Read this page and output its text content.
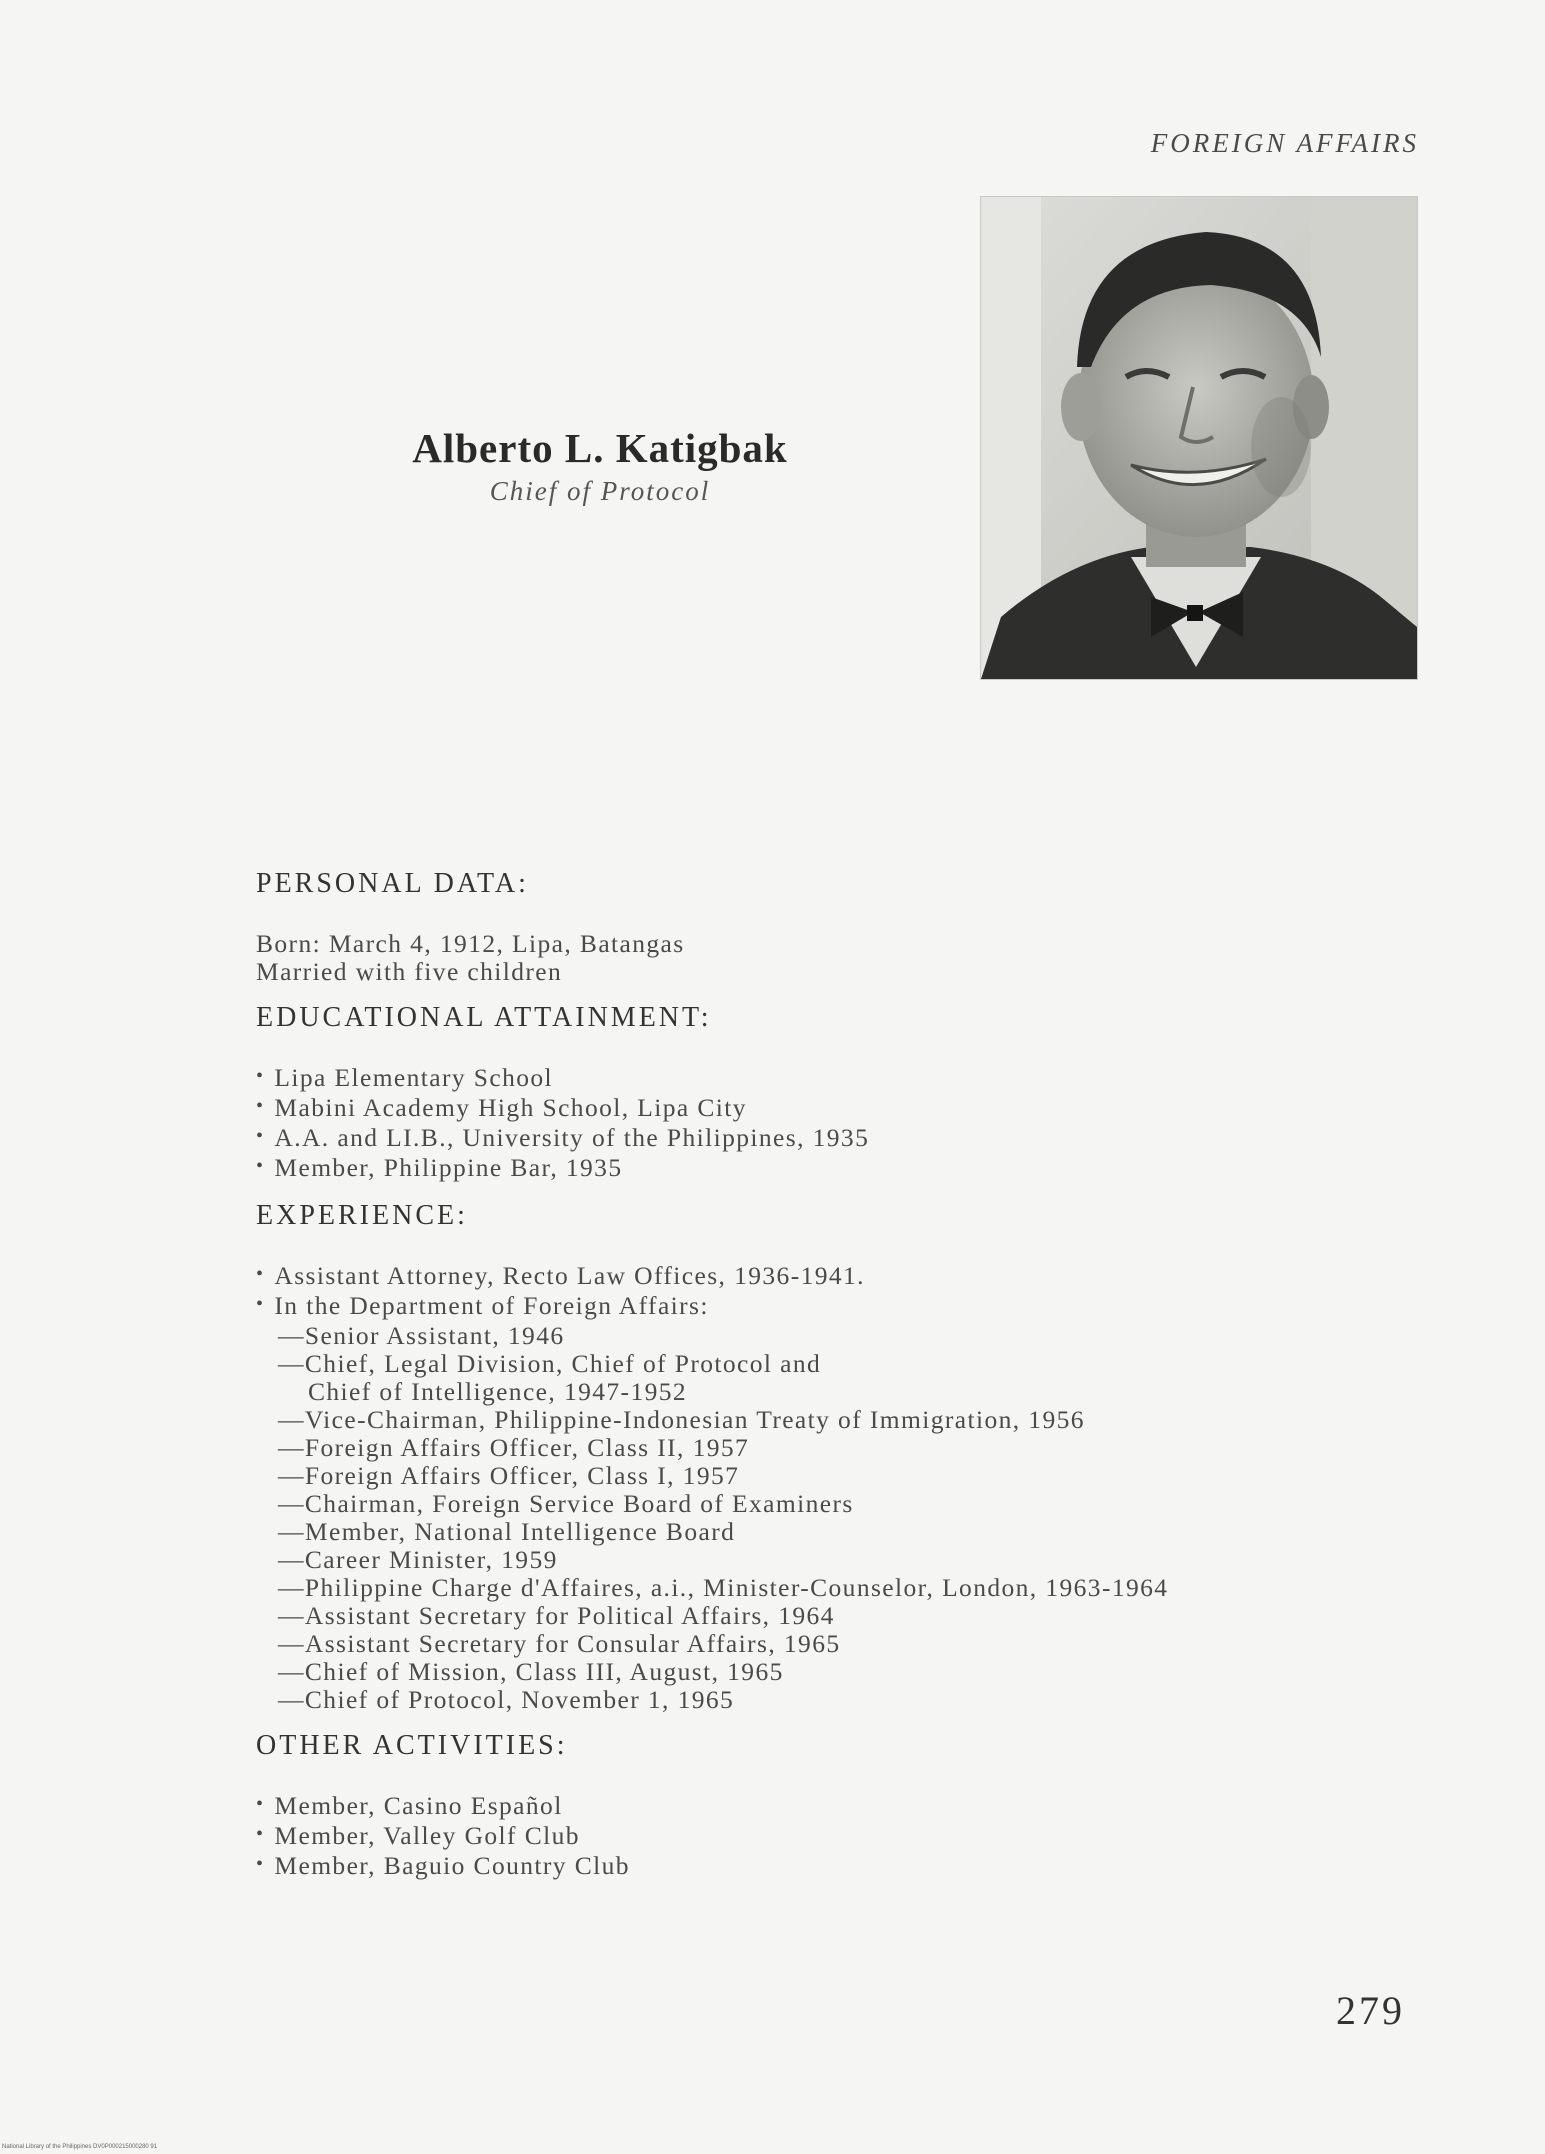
FOREIGN AFFAIRS
Alberto L. Katigbak
Chief of Protocol
PERSONAL DATA:
Born: March 4, 1912, Lipa, Batangas
Married with five children
EDUCATIONAL ATTAINMENT:
• Lipa Elementary School
• Mabini Academy High School, Lipa City
• A.A. and LI.B., University of the Philippines, 1935
• Member, Philippine Bar, 1935
EXPERIENCE:
• Assistant Attorney, Recto Law Offices, 1936-1941.
• In the Department of Foreign Affairs:
—Senior Assistant, 1946
—Chief, Legal Division, Chief of Protocol and
Chief of Intelligence, 1947-1952
—Vice-Chairman, Philippine-Indonesian Treaty of Immigration, 1956
—Foreign Affairs Officer, Class II, 1957
—Foreign Affairs Officer, Class I, 1957
—Chairman, Foreign Service Board of Examiners
—Member, National Intelligence Board
—Career Minister, 1959
—Philippine Charge d'Affaires, a.i., Minister-Counselor, London, 1963-1964
—Assistant Secretary for Political Affairs, 1964
—Assistant Secretary for Consular Affairs, 1965
—Chief of Mission, Class III, August, 1965
—Chief of Protocol, November 1, 1965
OTHER ACTIVITIES:
• Member, Casino Español
• Member, Valley Golf Club
• Member, Baguio Country Club
279
National Library of the Philippines DV0P000215000280 91
